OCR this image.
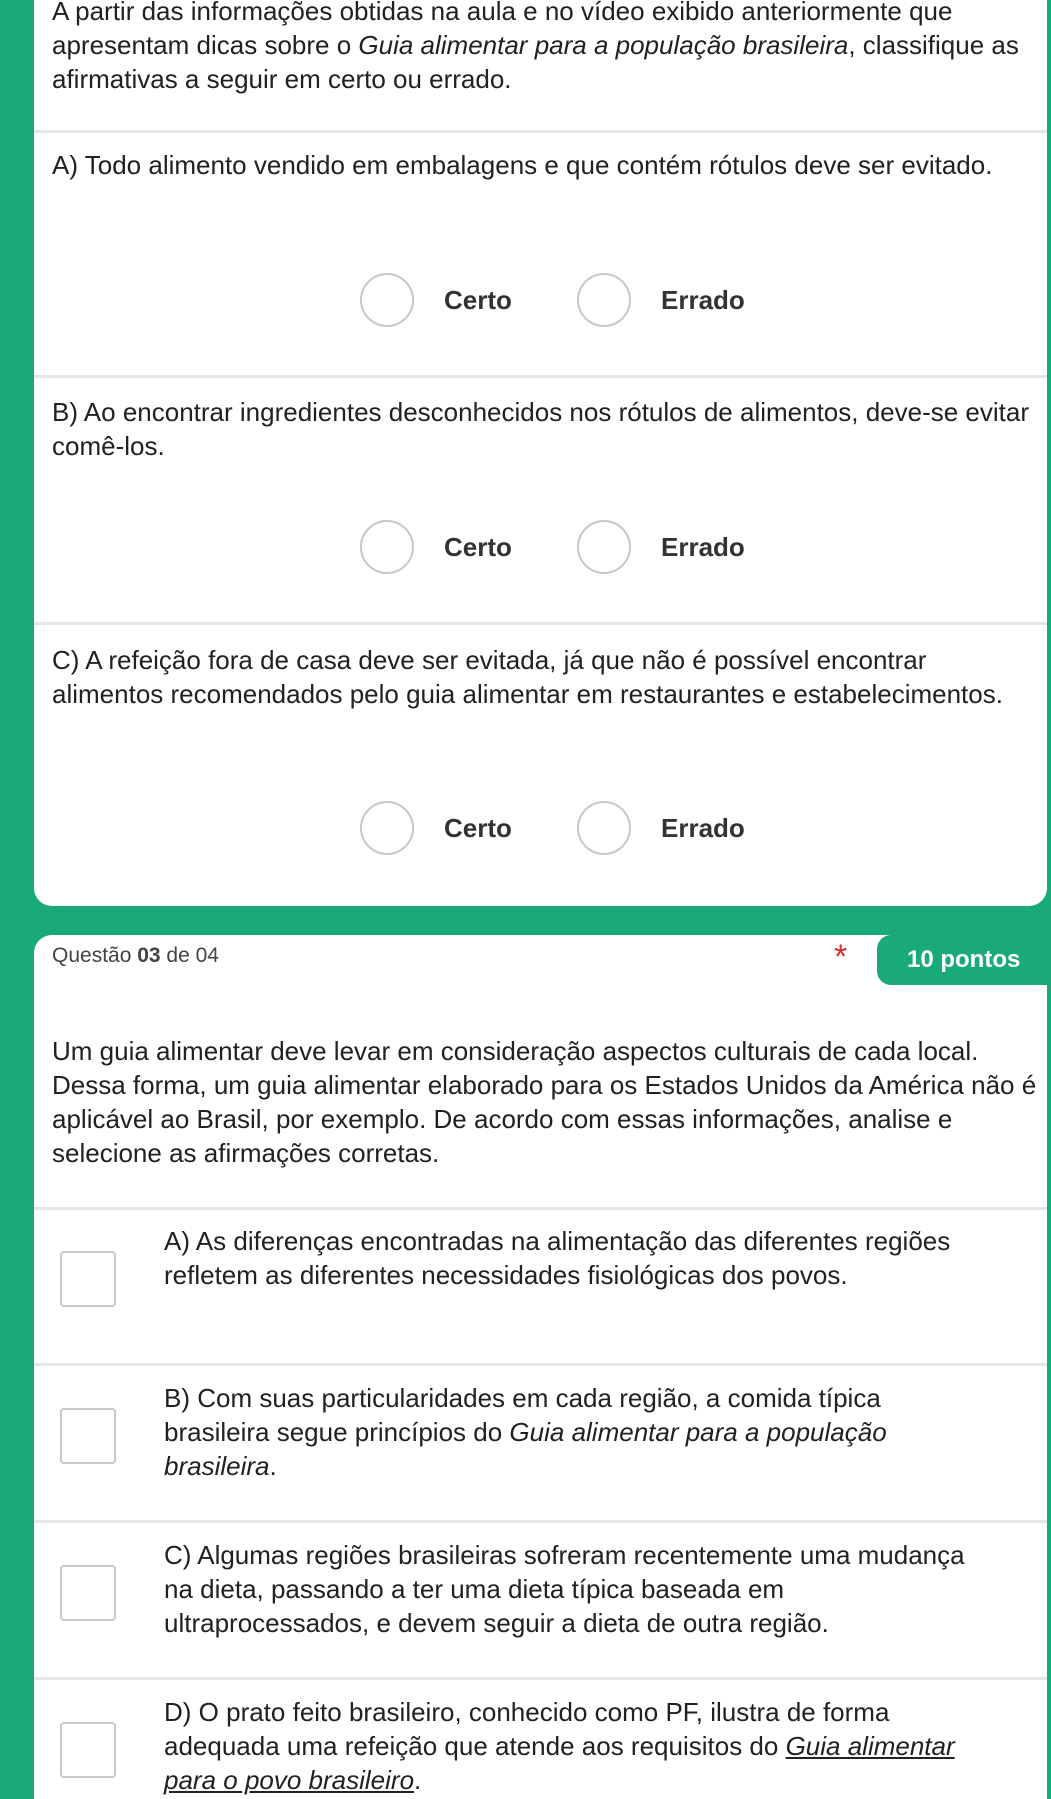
A partir das informações obtidas na aula e no vídeo exibido anteriormente que apresentam dicas sobre o Guia alimentar para a população brasileira, classifique as afirmativas a seguir em certo ou errado.
A) Todo alimento vendido em embalagens e que contém rótulos deve ser evitado.
Certo	Errado
B) Ao encontrar ingredientes desconhecidos nos rótulos de alimentos, deve-se evitar comê-los.
Certo	Errado
C) A refeição fora de casa deve ser evitada, já que não é possível encontrar alimentos recomendados pelo guia alimentar em restaurantes e estabelecimentos.
Certo	Errado
Questão 03 de 04	*	10 pontos
Um guia alimentar deve levar em consideração aspectos culturais de cada local. Dessa forma, um guia alimentar elaborado para os Estados Unidos da América não é aplicável ao Brasil, por exemplo. De acordo com essas informações, analise e selecione as afirmações corretas.
A) As diferenças encontradas na alimentação das diferentes regiões refletem as diferentes necessidades fisiológicas dos povos.
B) Com suas particularidades em cada região, a comida típica brasileira segue princípios do Guia alimentar para a população brasileira.
C) Algumas regiões brasileiras sofreram recentemente uma mudança na dieta, passando a ter uma dieta típica baseada em ultraprocessados, e devem seguir a dieta de outra região.
D) O prato feito brasileiro, conhecido como PF, ilustra de forma adequada uma refeição que atende aos requisitos do Guia alimentar para o povo brasileiro.
